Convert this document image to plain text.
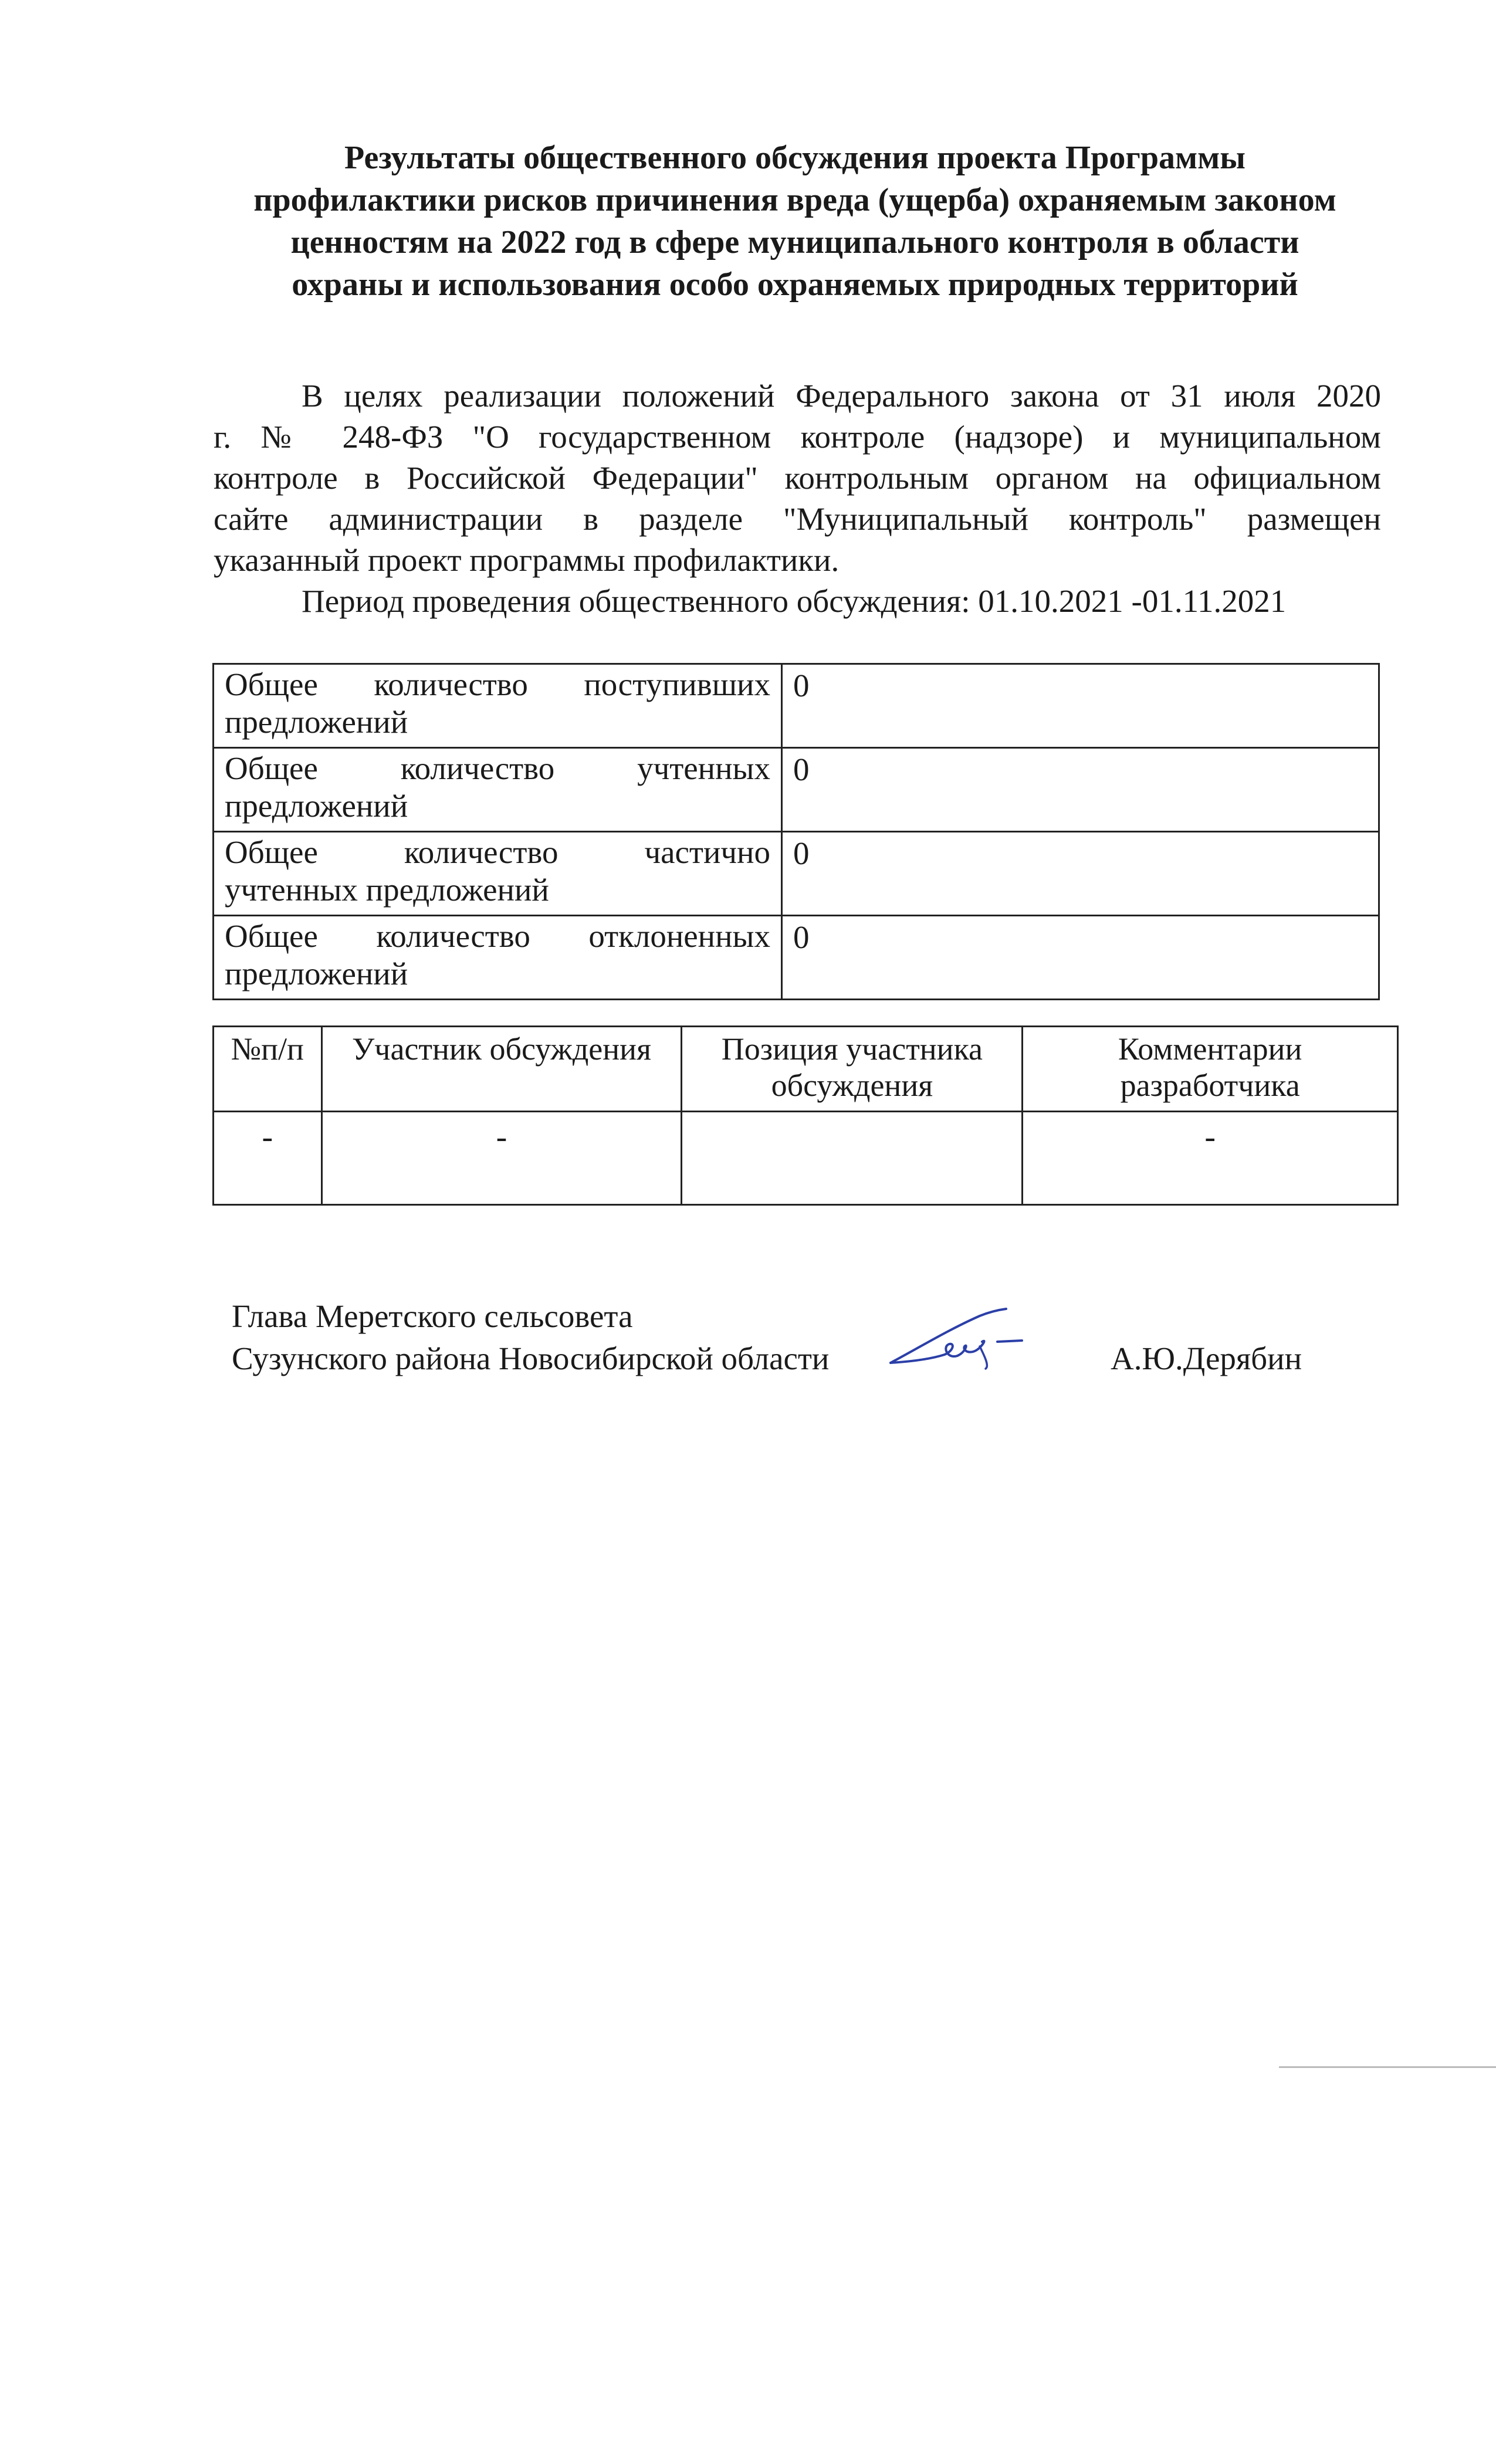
Результаты общественного обсуждения проекта Программы
профилактики рисков причинения вреда (ущерба) охраняемым законом
ценностям на 2022 год в сфере муниципального контроля в области
охраны и использования особо охраняемых природных территорий
В целях реализации положений Федерального закона от 31 июля 2020
г. № 248-ФЗ "О государственном контроле (надзоре) и муниципальном
контроле в Российской Федерации" контрольным органом на официальном
сайте администрации в разделе "Муниципальный контроль" размещен
указанный проект программы профилактики.
Период проведения общественного обсуждения: 01.10.2021 -01.11.2021
Общее количество поступивших
предложений	0

Общее количество учтенных
предложений	0

Общее количество частично
учтенных предложений	0

Общее количество отклоненных
предложений	0
№п/п	Участник обсуждения	Позиция участника обсуждения	Комментарии разработчика
-	-		-
Глава Меретского сельсовета
Сузунского района Новосибирской области	А.Ю.Дерябин
